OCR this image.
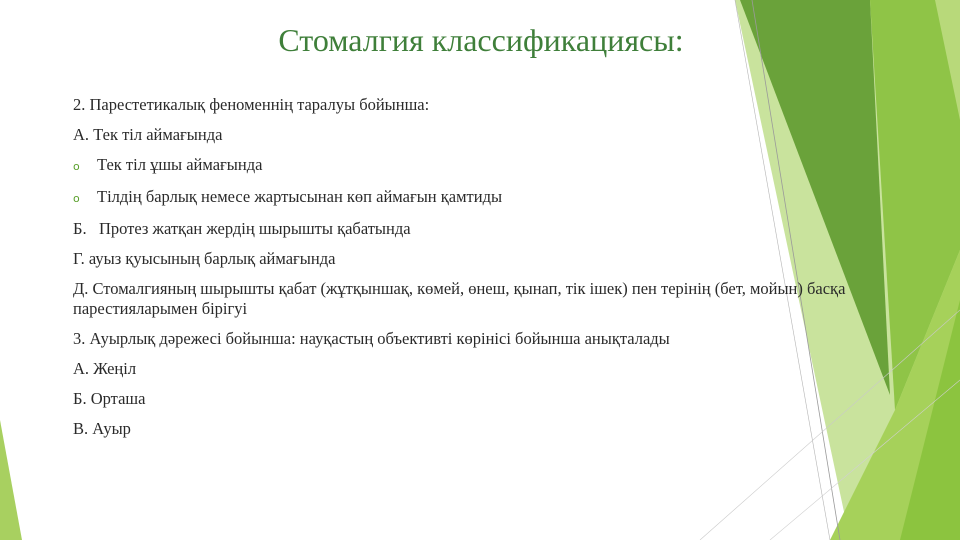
Стомалгия классификациясы:
2. Парестетикалық феноменнің таралуы бойынша:
А. Тек тіл аймағында
o	Тек тіл ұшы аймағында
o	Тілдің барлық немесе жартысынан көп аймағын қамтиды
Б.   Протез жатқан жердің шырышты қабатында
Г. ауыз қуысының барлық аймағында
Д. Стомалгияның шырышты қабат (жұтқыншақ, көмей, өнеш, қынап, тік ішек) пен терінің (бет, мойын) басқа парестияларымен бірігуі
3. Ауырлық дәрежесі бойынша: науқастың объективті көрінісі бойынша анықталады
А. Жеңіл
Б. Орташа
В. Ауыр
